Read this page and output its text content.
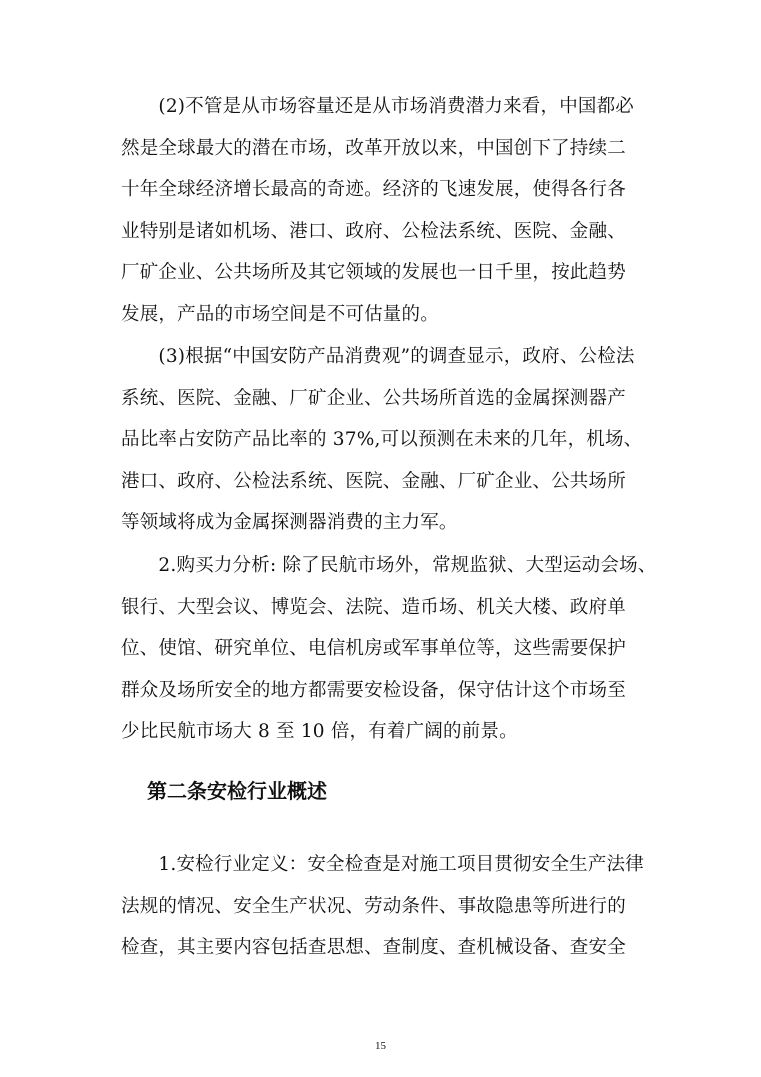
　　(2)不管是从市场容量还是从市场消费潜力来看，中国都必
然是全球最大的潜在市场，改革开放以来，中国创下了持续二
十年全球经济增长最高的奇迹。经济的飞速发展，使得各行各
业特别是诸如机场、港口、政府、公检法系统、医院、金融、
厂矿企业、公共场所及其它领域的发展也一日千里，按此趋势
发展，产品的市场空间是不可估量的。
　　(3)根据“中国安防产品消费观”的调查显示，政府、公检法
系统、医院、金融、厂矿企业、公共场所首选的金属探测器产
品比率占安防产品比率的 37%,可以预测在未来的几年，机场、
港口、政府、公检法系统、医院、金融、厂矿企业、公共场所
等领域将成为金属探测器消费的主力军。
　　2.购买力分析: 除了民航市场外，常规监狱、大型运动会场、
银行、大型会议、博览会、法院、造币场、机关大楼、政府单
位、使馆、研究单位、电信机房或军事单位等，这些需要保护
群众及场所安全的地方都需要安检设备，保守估计这个市场至
少比民航市场大 8 至 10 倍，有着广阔的前景。
第二条安检行业概述
　　1.安检行业定义：安全检查是对施工项目贯彻安全生产法律
法规的情况、安全生产状况、劳动条件、事故隐患等所进行的
检查，其主要内容包括查思想、查制度、查机械设备、查安全
15
